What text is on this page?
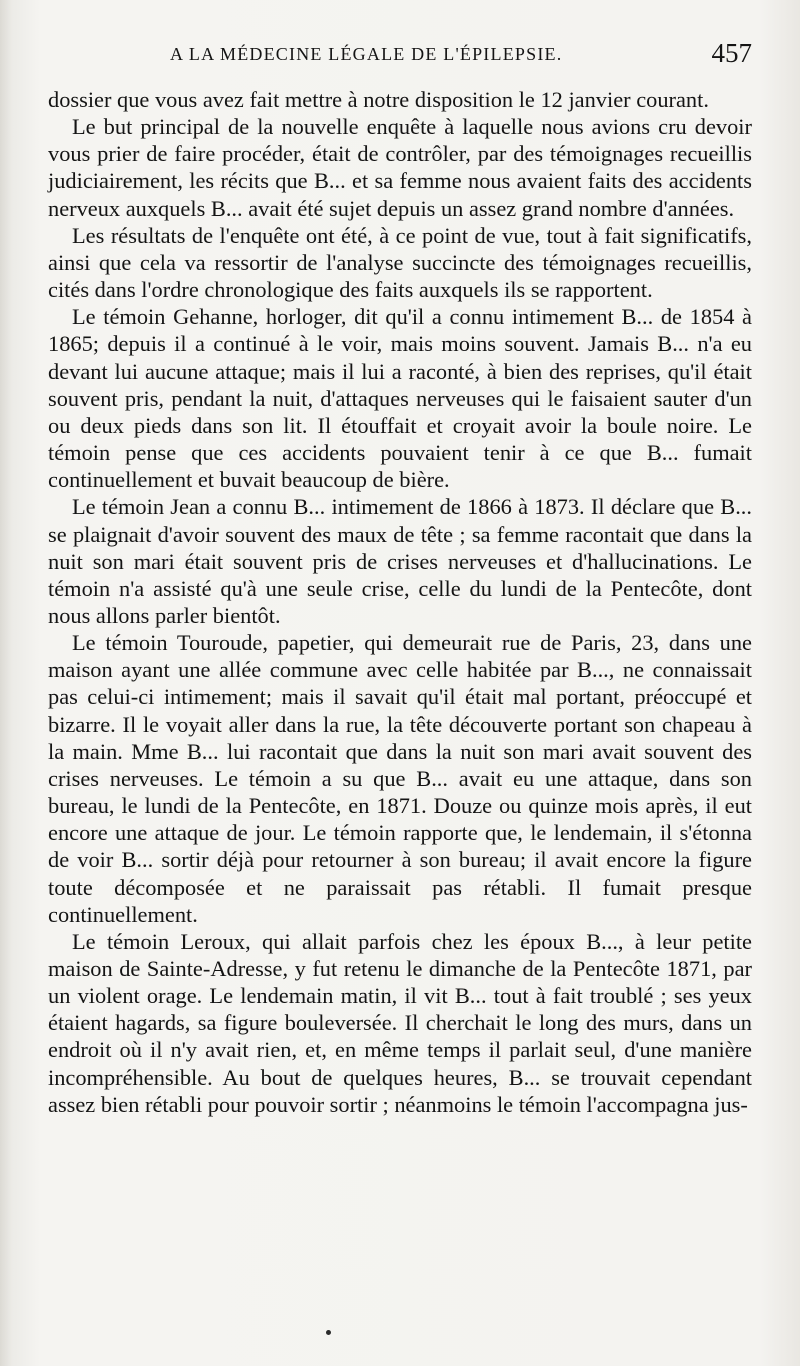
A LA MÉDECINE LÉGALE DE L'ÉPILEPSIE.	457

dossier que vous avez fait mettre à notre disposition le 12 janvier courant.

Le but principal de la nouvelle enquête à laquelle nous avions cru devoir vous prier de faire procéder, était de contrôler, par des témoignages recueillis judiciairement, les récits que B... et sa femme nous avaient faits des accidents nerveux auxquels B... avait été sujet depuis un assez grand nombre d'années.

Les résultats de l'enquête ont été, à ce point de vue, tout à fait significatifs, ainsi que cela va ressortir de l'analyse succincte des témoignages recueillis, cités dans l'ordre chronologique des faits auxquels ils se rapportent.

Le témoin Gehanne, horloger, dit qu'il a connu intimement B... de 1854 à 1865; depuis il a continué à le voir, mais moins souvent. Jamais B... n'a eu devant lui aucune attaque; mais il lui a raconté, à bien des reprises, qu'il était souvent pris, pendant la nuit, d'attaques nerveuses qui le faisaient sauter d'un ou deux pieds dans son lit. Il étouffait et croyait avoir la boule noire. Le témoin pense que ces accidents pouvaient tenir à ce que B... fumait continuellement et buvait beaucoup de bière.

Le témoin Jean a connu B... intimement de 1866 à 1873. Il déclare que B... se plaignait d'avoir souvent des maux de tête ; sa femme racontait que dans la nuit son mari était souvent pris de crises nerveuses et d'hallucinations. Le témoin n'a assisté qu'à une seule crise, celle du lundi de la Pentecôte, dont nous allons parler bientôt.

Le témoin Touroude, papetier, qui demeurait rue de Paris, 23, dans une maison ayant une allée commune avec celle habitée par B..., ne connaissait pas celui-ci intimement; mais il savait qu'il était mal portant, préoccupé et bizarre. Il le voyait aller dans la rue, la tête découverte portant son chapeau à la main. Mme B... lui racontait que dans la nuit son mari avait souvent des crises nerveuses. Le témoin a su que B... avait eu une attaque, dans son bureau, le lundi de la Pentecôte, en 1871. Douze ou quinze mois après, il eut encore une attaque de jour. Le témoin rapporte que, le lendemain, il s'étonna de voir B... sortir déjà pour retourner à son bureau; il avait encore la figure toute décomposée et ne paraissait pas rétabli. Il fumait presque continuellement.

Le témoin Leroux, qui allait parfois chez les époux B..., à leur petite maison de Sainte-Adresse, y fut retenu le dimanche de la Pentecôte 1871, par un violent orage. Le lendemain matin, il vit B... tout à fait troublé ; ses yeux étaient hagards, sa figure bouleversée. Il cherchait le long des murs, dans un endroit où il n'y avait rien, et, en même temps il parlait seul, d'une manière incompréhensible. Au bout de quelques heures, B... se trouvait cependant assez bien rétabli pour pouvoir sortir ; néanmoins le témoin l'accompagna jus-
